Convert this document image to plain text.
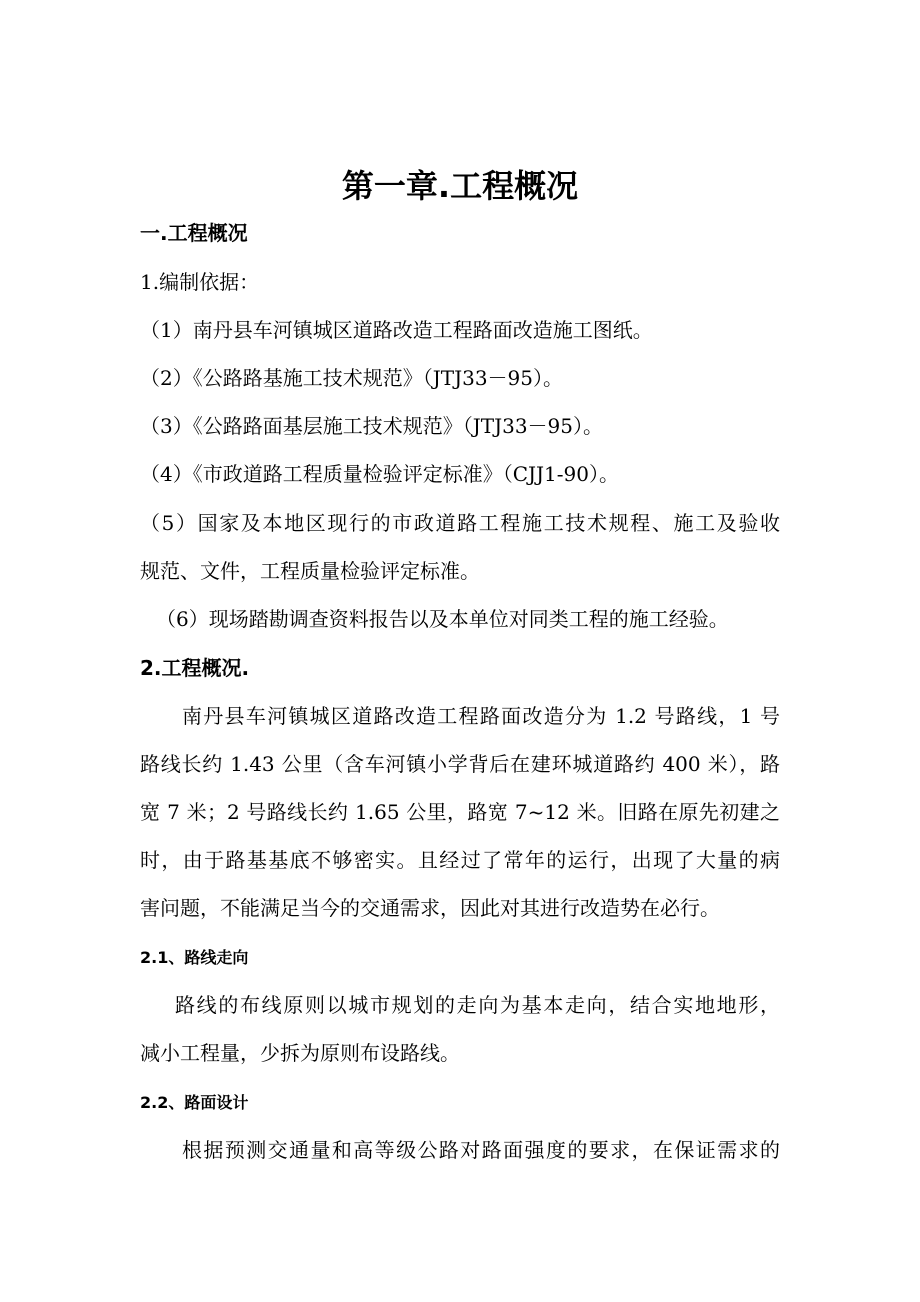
第一章.工程概况
一.工程概况
1.编制依据：
（1）南丹县车河镇城区道路改造工程路面改造施工图纸。
（2）《公路路基施工技术规范》（JTJ33－95）。
（3）《公路路面基层施工技术规范》（JTJ33－95）。
（4）《市政道路工程质量检验评定标准》（CJJ1-90）。
（5）国家及本地区现行的市政道路工程施工技术规程、施工及验收
规范、文件，工程质量检验评定标准。
（6）现场踏勘调查资料报告以及本单位对同类工程的施工经验。
2.工程概况.
南丹县车河镇城区道路改造工程路面改造分为 1.2 号路线，1 号
路线长约 1.43 公里（含车河镇小学背后在建环城道路约 400 米），路
宽 7 米；2 号路线长约 1.65 公里，路宽 7~12 米。旧路在原先初建之
时，由于路基基底不够密实。且经过了常年的运行，出现了大量的病
害问题，不能满足当今的交通需求，因此对其进行改造势在必行。
2.1、路线走向
路线的布线原则以城市规划的走向为基本走向，结合实地地形，
减小工程量，少拆为原则布设路线。
2.2、路面设计
根据预测交通量和高等级公路对路面强度的要求，在保证需求的
